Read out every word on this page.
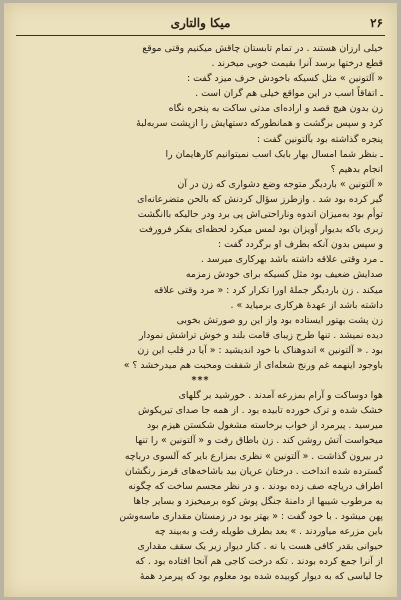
۲۶
میکا والتاری
خیلی ارزان هستند . در تمام تابستان چاقش میکنیم وقتی موقع
قطع درختها برسد آنرا بقیمت خوبی میخرند .
« آلتونین » مثل کسیکه باخودش حرف میزد گفت :
ـ اتفاقاً اسب در این مواقع خیلی هم گران است .
زن بدون هیچ قصد و اراده‌ای مدتی ساکت به پنجره نگاه
کرد و سپس برگشت و همانطورکه دستهایش را ازپشت سربه‌لبهٔ
پنجره گذاشته بود بآلتونین گفت :
ـ بنظر شما امسال بهار بابک اسب نمیتوانیم کارهایمان را
انجام بدهیم ؟
« آلتونین » باردیگر متوجه وضع دشواری که زن در آن
گیر کرده بود شد . وازطرز سؤال کردنش که بالحن متضرعانه‌ای
توأم بود به‌میزان اندوه وناراحتی‌اش پی برد ودر حالیکه باانگشت
زبری باکه بدیوار آویزان بود لمس میکرد لحظه‌ای بفکر فرورفت
و سپس بدون آنکه بطرف او برگردد گفت :
ـ مرد وقتی علاقه داشته باشد بهرکاری میرسد .
صدایش ضعیف بود مثل کسیکه برای خودش زمزمه
میکند . زن باردیگر جملهٔ اورا تکرار کرد : « مرد وقتی علاقه
داشته باشد از عهدهٔ هرکاری برمیاید » .
زن پشت بهتور ایستاده بود واز این رو صورتش بخوبی
دیده نمیشد . تنها طرح زیبای قامت بلند و خوش تراشش نمودار
بود . « آلتونین » اندوهناک با خود اندیشید : « آیا در قلب این زن
باوجود اینهمه غم ورنج شعله‌ای از شفقت ومحبت هم میدرخشد ؟ »
***
هوا دوساکت و آرام بمزرعه آمدند . خورشید بر گلهای
خشک شده و ترک خورده تابیده بود . از همه جا صدای تیریکوش
میرسید . پیرمرد از خواب برخاسته مشغول شکستن هیزم بود
میخواست آتش روشن کند . زن باطاق رفت و « آلتونین » را تنها
در بیرون گذاشت . « آلتونین » نظری بمزارع بایر که آلسوی درباچه
گسترده شده انداخت . درختان عریان بید باشاخه‌های قرمز رنگشان
اطراف دریاچه صف زده بودند . و در نظر مجسم ساخت که چگونه
به مرطوب شیبها از دامنهٔ جنگل پوش کوه برمیخیزد و بسایر جا‌ها
پهن میشود . با خود گفت : « بهتر بود در زمستان مقداری ماسه‌وشن
باین مزرعه میاوردند . » بعد بطرف طویله رفت و به‌بیند چه
حیوانی بقدر کافی هست یا نه . کنار دیوار زیر یک سقف مقداری
از آنرا جمع کرده بودند . تکه درخت کاجی هم آنجا افتاده بود . که
جا لیاسی که به دیوار کوبیده شده بود معلوم بود که پیرمرد همهٔ
